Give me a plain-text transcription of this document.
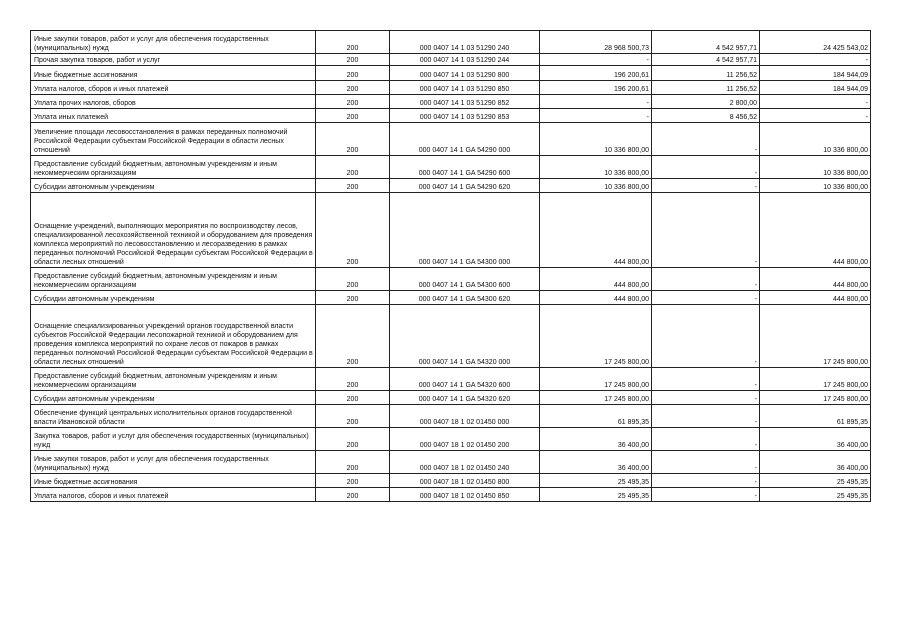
Иные закупки товаров, работ и услуг для обеспечения государственных (муниципальных) нужд	200	000 0407 14 1 03 51290 240	28 968 500,73	4 542 957,71	24 425 543,02
Прочая закупка товаров, работ и услуг	200	000 0407 14 1 03 51290 244	-	4 542 957,71	-
Иные бюджетные ассигнования	200	000 0407 14 1 03 51290 800	196 200,61	11 256,52	184 944,09
Уплата налогов, сборов и иных платежей	200	000 0407 14 1 03 51290 850	196 200,61	11 256,52	184 944,09
Уплата прочих налогов, сборов	200	000 0407 14 1 03 51290 852	-	2 800,00	-
Уплата иных платежей	200	000 0407 14 1 03 51290 853	-	8 456,52	-
Увеличение площади лесовосстановления в рамках переданных полномочий Российской Федерации субъектам Российской Федерации в области лесных отношений	200	000 0407 14 1 GA 54290 000	10 336 800,00	-	10 336 800,00
Предоставление субсидий бюджетным, автономным учреждениям и иным некоммерческим организациям	200	000 0407 14 1 GA 54290 600	10 336 800,00	-	10 336 800,00
Субсидии автономным учреждениям	200	000 0407 14 1 GA 54290 620	10 336 800,00	-	10 336 800,00
Оснащение учреждений, выполняющих мероприятия по воспроизводству лесов, специализированной лесохозяйственной техникой и оборудованием для проведения комплекса мероприятий по лесовосстановлению и лесоразведению в рамках переданных полномочий Российской Федерации субъектам Российской Федерации в области лесных отношений	200	000 0407 14 1 GA 54300 000	444 800,00	-	444 800,00
Предоставление субсидий бюджетным, автономным учреждениям и иным некоммерческим организациям	200	000 0407 14 1 GA 54300 600	444 800,00	-	444 800,00
Субсидии автономным учреждениям	200	000 0407 14 1 GA 54300 620	444 800,00	-	444 800,00
Оснащение специализированных учреждений органов государственной власти субъектов Российской Федерации лесопожарной техникой и оборудованием для проведения комплекса мероприятий по охране лесов от пожаров в рамках переданных полномочий Российской Федерации субъектам Российской Федерации в области лесных отношений	200	000 0407 14 1 GA 54320 000	17 245 800,00	-	17 245 800,00
Предоставление субсидий бюджетным, автономным учреждениям и иным некоммерческим организациям	200	000 0407 14 1 GA 54320 600	17 245 800,00	-	17 245 800,00
Субсидии автономным учреждениям	200	000 0407 14 1 GA 54320 620	17 245 800,00	-	17 245 800,00
Обеспечение функций центральных исполнительных органов государственной власти Ивановской области	200	000 0407 18 1 02 01450 000	61 895,35	-	61 895,35
Закупка товаров, работ и услуг для обеспечения государственных (муниципальных) нужд	200	000 0407 18 1 02 01450 200	36 400,00	-	36 400,00
Иные закупки товаров, работ и услуг для обеспечения государственных (муниципальных) нужд	200	000 0407 18 1 02 01450 240	36 400,00	-	36 400,00
Иные бюджетные ассигнования	200	000 0407 18 1 02 01450 800	25 495,35	-	25 495,35
Уплата налогов, сборов и иных платежей	200	000 0407 18 1 02 01450 850	25 495,35	-	25 495,35
